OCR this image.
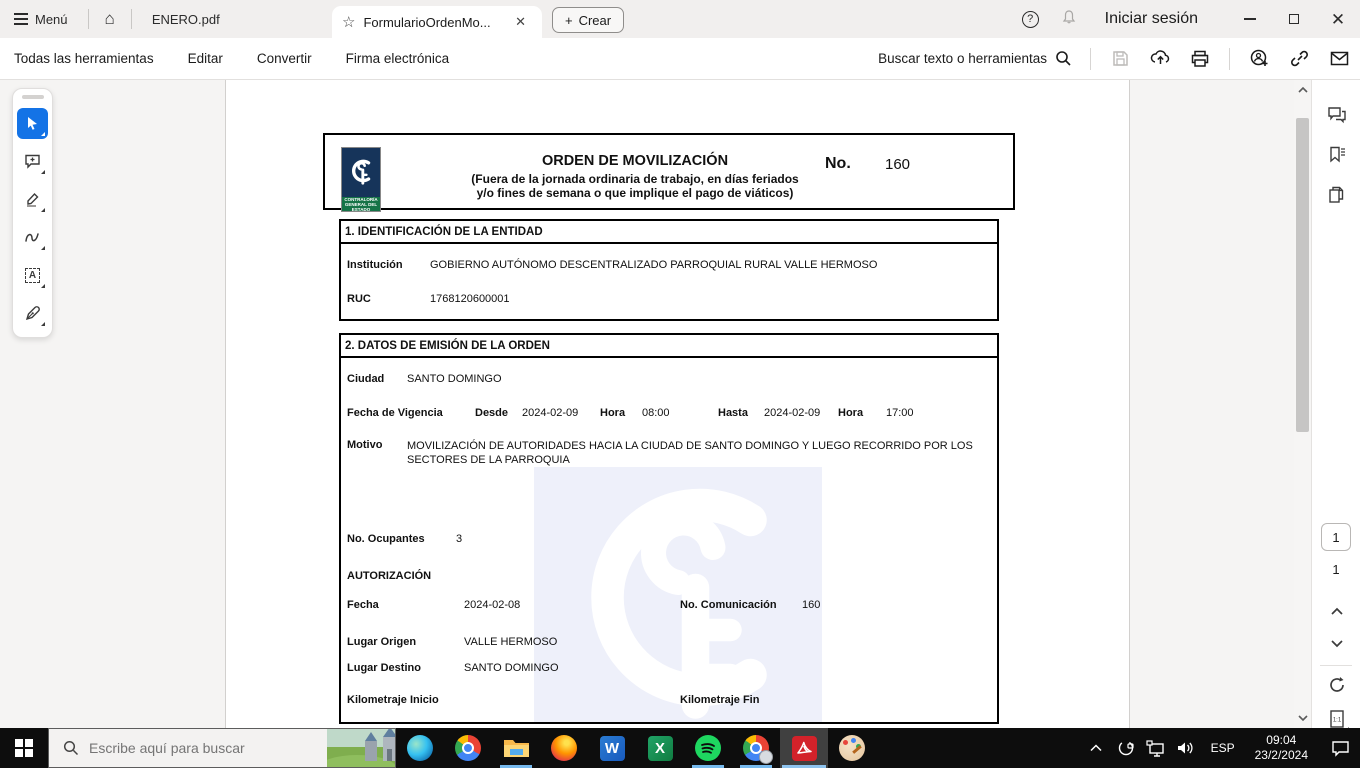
Menú	⌂	ENERO.pdf	☆ FormularioOrdenMo...	✕	+ Crear	?	Iniciar sesión	✕
Todas las herramientas	Editar	Convertir	Firma electrónica	Buscar texto o herramientas
CONTRALORÍA GENERAL DEL ESTADO
ORDEN DE MOVILIZACIÓN
(Fuera de la jornada ordinaria de trabajo, en días feriados
y/o fines de semana o que implique el pago de viáticos)
No. 160
1. IDENTIFICACIÓN DE LA ENTIDAD
Institución GOBIERNO AUTÓNOMO DESCENTRALIZADO PARROQUIAL RURAL VALLE HERMOSO
RUC	1768120600001
2. DATOS DE EMISIÓN DE LA ORDEN
Ciudad SANTO DOMINGO
Fecha de Vigencia	Desde 2024-02-09 Hora 08:00	Hasta 2024-02-09 Hora 17:00
Motivo MOVILIZACIÓN DE AUTORIDADES HACIA LA CIUDAD DE SANTO DOMINGO Y LUEGO RECORRIDO POR LOS SECTORES DE LA PARROQUIA
No. Ocupantes	3
AUTORIZACIÓN
Fecha	2024-02-08	No. Comunicación 160
Lugar Origen	VALLE HERMOSO
Lugar Destino	SANTO DOMINGO
Kilometraje Inicio	Kilometraje Fin
A
1
1
1:1
Escribe aquí para buscar
W	X	ESP
09:04
23/2/2024
